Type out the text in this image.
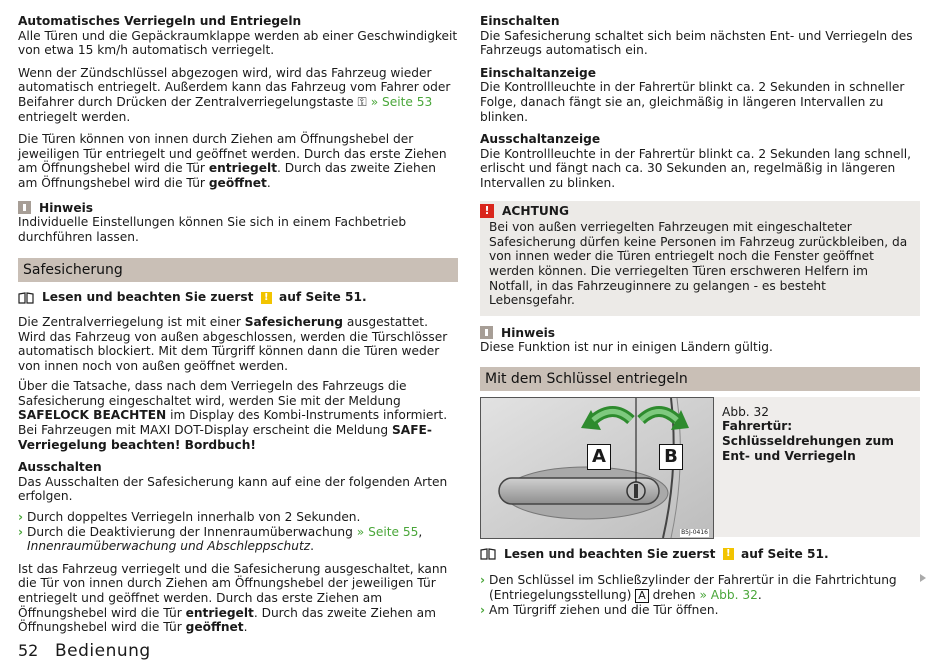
Automatisches Verriegeln und Entriegeln

Alle Türen und die Gepäckraumklappe werden ab einer Geschwindigkeit von etwa 15 km/h automatisch verriegelt.

Wenn der Zündschlüssel abgezogen wird, wird das Fahrzeug wieder automatisch entriegelt. Außerdem kann das Fahrzeug vom Fahrer oder Beifahrer durch Drücken der Zentralverriegelungstaste ⚿ » Seite 53 entriegelt werden.

Die Türen können von innen durch Ziehen am Öffnungshebel der jeweiligen Tür entriegelt und geöffnet werden. Durch das erste Ziehen am Öffnungshebel wird die Tür entriegelt. Durch das zweite Ziehen am Öffnungshebel wird die Tür geöffnet.

Hinweis

Individuelle Einstellungen können Sie sich in einem Fachbetrieb durchführen lassen.

Safesicherung
Lesen und beachten Sie zuerst
	!
auf Seite 51.

Die Zentralverriegelung ist mit einer Safesicherung ausgestattet. Wird das Fahrzeug von außen abgeschlossen, werden die Türschlösser automatisch blockiert. Mit dem Türgriff können dann die Türen weder von innen noch von außen geöffnet werden.

Über die Tatsache, dass nach dem Verriegeln des Fahrzeugs die Safesicherung eingeschaltet wird, werden Sie mit der Meldung SAFELOCK BEACHTEN im Display des Kombi-Instruments informiert. Bei Fahrzeugen mit MAXI DOT-Display erscheint die Meldung SAFE-Verriegelung beachten! Bordbuch!

Ausschalten

Das Ausschalten der Safesicherung kann auf eine der folgenden Arten erfolgen.

› Durch doppeltes Verriegeln innerhalb von 2 Sekunden.
› Durch die Deaktivierung der Innenraumüberwachung » Seite 55, Innenraumüberwachung und Abschleppschutz.

Ist das Fahrzeug verriegelt und die Safesicherung ausgeschaltet, kann die Tür von innen durch Ziehen am Öffnungshebel der jeweiligen Tür entriegelt und geöffnet werden. Durch das erste Ziehen am Öffnungshebel wird die Tür entriegelt. Durch das zweite Ziehen am Öffnungshebel wird die Tür geöffnet.

Einschalten

Die Safesicherung schaltet sich beim nächsten Ent- und Verriegeln des Fahrzeugs automatisch ein.

Einschaltanzeige

Die Kontrollleuchte in der Fahrertür blinkt ca. 2 Sekunden in schneller Folge, danach fängt sie an, gleichmäßig in längeren Intervallen zu blinken.

Ausschaltanzeige

Die Kontrollleuchte in der Fahrertür blinkt ca. 2 Sekunden lang schnell, erlischt und fängt nach ca. 30 Sekunden an, regelmäßig in längeren Intervallen zu blinken.

!	ACHTUNG

Bei von außen verriegelten Fahrzeugen mit eingeschalteter Safesicherung dürfen keine Personen im Fahrzeug zurückbleiben, da von innen weder die Türen entriegelt noch die Fenster geöffnet werden können. Die verriegelten Türen erschweren Helfern im Notfall, in das Fahrzeuginnere zu gelangen - es besteht Lebensgefahr.

Hinweis

Diese Funktion ist nur in einigen Ländern gültig.

Mit dem Schlüssel entriegeln
A	B
B5J-0416

Abb. 32

Fahrertür: Schlüsseldrehungen zum Ent- und Verriegeln

Lesen und beachten Sie zuerst
	!
auf Seite 51.
› Den Schlüssel im Schließzylinder der Fahrertür in die Fahrtrichtung (Entriegelungsstellung) A drehen » Abb. 32.
› Am Türgriff ziehen und die Tür öffnen.
52 Bedienung
